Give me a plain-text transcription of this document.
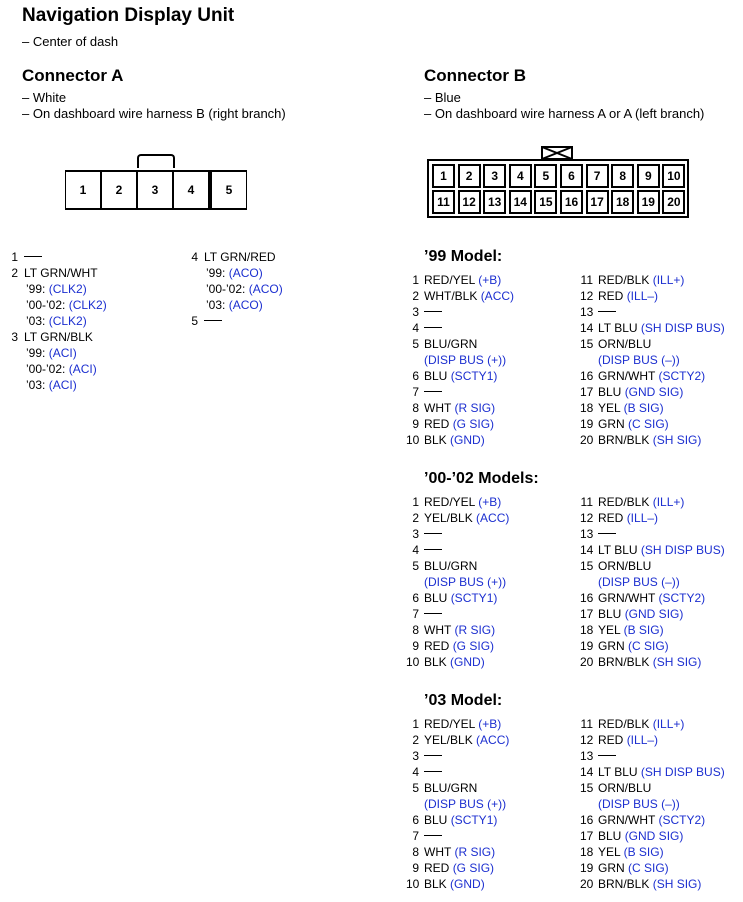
Navigation Display Unit
– Center of dash
Connector A
– White
– On dashboard wire harness B (right branch)
Connector B
– Blue
– On dashboard wire harness A or A (left branch)
1	2	3	4	5
1	2	3	4	5	6	7	8	9	10
11	12	13	14	15	16	17	18	19	20
1
2 LT GRN/WHT
’99: (CLK2)
’00-’02: (CLK2)
’03: (CLK2)
3 LT GRN/BLK
’99: (ACI)
’00-’02: (ACI)
’03: (ACI)
4 LT GRN/RED
’99: (ACO)
’00-’02: (ACO)
’03: (ACO)
5
’99 Model:
1 RED/YEL (+B)
2 WHT/BLK (ACC)
3
4
5 BLU/GRN
(DISP BUS (+))
6 BLU (SCTY1)
7
8 WHT (R SIG)
9 RED (G SIG)
10 BLK (GND)
11 RED/BLK (ILL+)
12 RED (ILL–)
13
14 LT BLU (SH DISP BUS)
15 ORN/BLU
(DISP BUS (–))
16 GRN/WHT (SCTY2)
17 BLU (GND SIG)
18 YEL (B SIG)
19 GRN (C SIG)
20 BRN/BLK (SH SIG)
’00-’02 Models:
1 RED/YEL (+B)
2 YEL/BLK (ACC)
3
4
5 BLU/GRN
(DISP BUS (+))
6 BLU (SCTY1)
7
8 WHT (R SIG)
9 RED (G SIG)
10 BLK (GND)
11 RED/BLK (ILL+)
12 RED (ILL–)
13
14 LT BLU (SH DISP BUS)
15 ORN/BLU
(DISP BUS (–))
16 GRN/WHT (SCTY2)
17 BLU (GND SIG)
18 YEL (B SIG)
19 GRN (C SIG)
20 BRN/BLK (SH SIG)
’03 Model:
1 RED/YEL (+B)
2 YEL/BLK (ACC)
3
4
5 BLU/GRN
(DISP BUS (+))
6 BLU (SCTY1)
7
8 WHT (R SIG)
9 RED (G SIG)
10 BLK (GND)
11 RED/BLK (ILL+)
12 RED (ILL–)
13
14 LT BLU (SH DISP BUS)
15 ORN/BLU
(DISP BUS (–))
16 GRN/WHT (SCTY2)
17 BLU (GND SIG)
18 YEL (B SIG)
19 GRN (C SIG)
20 BRN/BLK (SH SIG)
